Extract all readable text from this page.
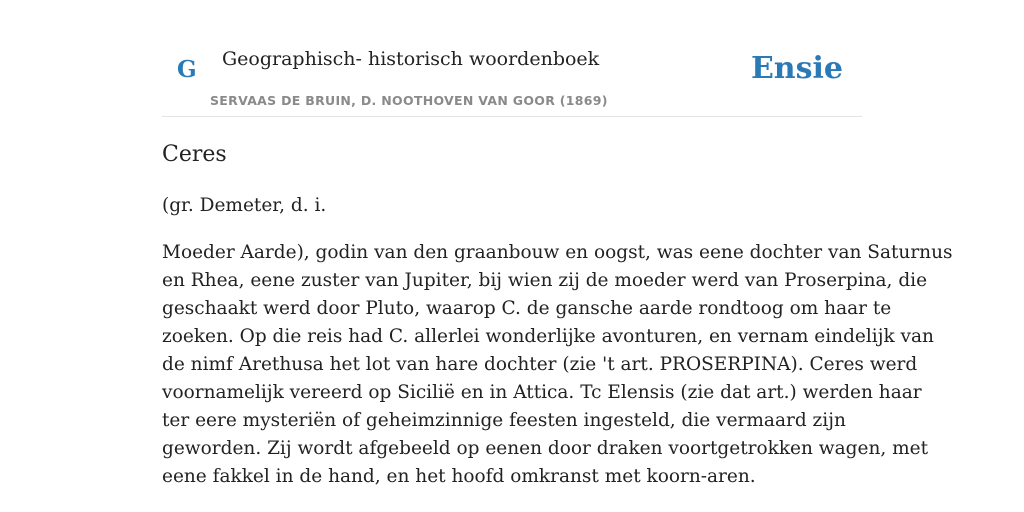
G Geographisch- historisch woordenboek
SERVAAS DE BRUIN, D. NOOTHOVEN VAN GOOR (1869)
Ensie
Ceres

(gr. Demeter, d. i.

Moeder Aarde), godin van den graanbouw en oogst, was eene dochter van Saturnus
en Rhea, eene zuster van Jupiter, bij wien zij de moeder werd van Proserpina, die
geschaakt werd door Pluto, waarop C. de gansche aarde rondtoog om haar te
zoeken. Op die reis had C. allerlei wonderlijke avonturen, en vernam eindelijk van
de nimf Arethusa het lot van hare dochter (zie 't art. PROSERPINA). Ceres werd
voornamelijk vereerd op Sicilië en in Attica. Tc Elensis (zie dat art.) werden haar
ter eere mysteriën of geheimzinnige feesten ingesteld, die vermaard zijn
geworden. Zij wordt afgebeeld op eenen door draken voortgetrokken wagen, met
eene fakkel in de hand, en het hoofd omkranst met koorn-aren.
